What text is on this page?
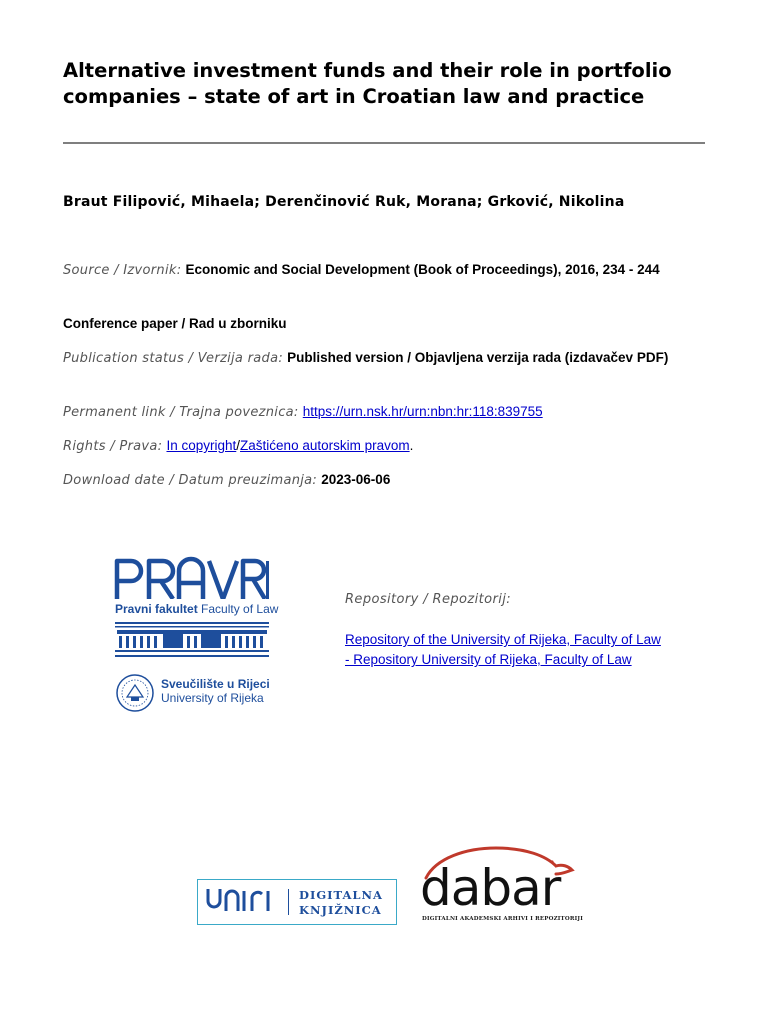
Alternative investment funds and their role in portfolio companies – state of art in Croatian law and practice
Braut Filipović, Mihaela; Derenčinović Ruk, Morana; Grković, Nikolina
Source / Izvornik: Economic and Social Development (Book of Proceedings), 2016, 234 - 244
Conference paper / Rad u zborniku
Publication status / Verzija rada: Published version / Objavljena verzija rada (izdavačev PDF)
Permanent link / Trajna poveznica: https://urn.nsk.hr/urn:nbn:hr:118:839755
Rights / Prava: In copyright/Zaštićeno autorskim pravom.
Download date / Datum preuzimanja: 2023-06-06
Pravni fakultet Faculty of Law
Sveučilište u Rijeci
University of Rijeka
Repository / Repozitorij:
Repository of the University of Rijeka, Faculty of Law
- Repository University of Rijeka, Faculty of Law
DIGITALNA
KNJIŽNICA dabar
DIGITALNI AKADEMSKI ARHIVI I REPOZITORIJI
